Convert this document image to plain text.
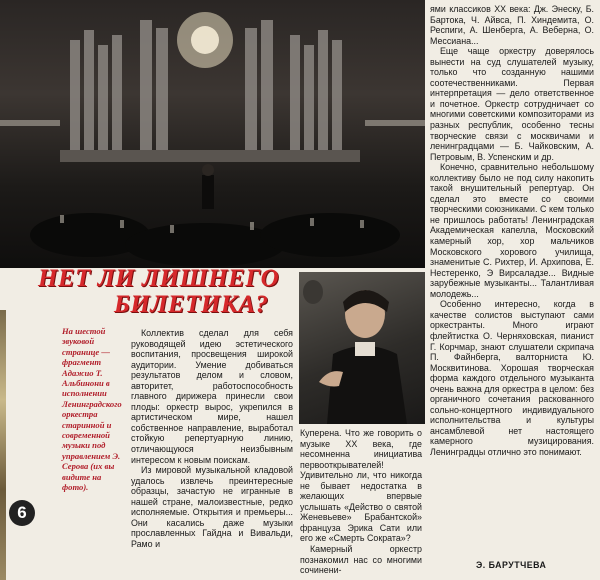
НЕТ ЛИ ЛИШНЕГО
БИЛЕТИКА?
На шестой звуковой странице — фрагмент Адажио Т. Альбинони в исполнении Ленинградского оркестра старинной и современной музыки под управлением Э. Серова (их вы видите на фото).
6

Коллектив сделал для себя руководящей идею эстетического воспитания, просвещения широкой аудитории. Умение добиваться результатов делом и словом, авторитет, работоспособность главного дирижера принесли свои плоды: оркестр вырос, укрепился в артистическом мире, нашел собственное направление, выработал стойкую репертуарную линию, отличающуюся неизбывным интересом к новым поискам.

Из мировой музыкальной кладовой удалось извлечь преинтересные образцы, зачастую не игранные в нашей стране, малоизвестные, редко исполняемые. Открытия и премьеры... Они касались даже музыки прославленных Гайдна и Вивальди, Рамо и

Куперена. Что же говорить о музыке XX века, где несомненна инициатива первооткрывателей! Удивительно ли, что никогда не бывает недостатка в желающих впервые услышать «Действо о святой Женевьеве» Брабантской» француза Эрика Сати или его же «Смерть Сократа»?

Камерный оркестр познакомил нас со многими сочинени-

ями классиков XX века: Дж. Энеску, Б. Бартока, Ч. Айвса, П. Хиндемита, О. Респиги, А. Шенберга, А. Веберна, О. Мессиана...

Еще чаще оркестру доверялось вынести на суд слушателей музыку, только что созданную нашими соотечественниками. Первая интерпретация — дело ответственное и почетное. Оркестр сотрудничает со многими советскими композиторами из разных республик, особенно тесны творческие связи с москвичами и ленинградцами — Б. Чайковским, А. Петровым, В. Успенским и др.

Конечно, сравнительно небольшому коллективу было не под силу накопить такой внушительный репертуар. Он сделал это вместе со своими творческими союзниками. С кем только не пришлось работать! Ленинградская Академическая капелла, Московский камерный хор, хор мальчиков Московского хорового училища, знаменитые С. Рихтер, И. Архипова, Е. Нестеренко, Э Вирсаладзе... Видные зарубежные музыканты... Талантливая молодежь...

Особенно интересно, когда в качестве солистов выступают сами оркестранты. Много играют флейтистка О. Черняховская, пианист Г. Корчмар, знают слушатели скрипача П. Файнберга, валторниста Ю. Москвитинова. Хорошая творческая форма каждого отдельного музыканта очень важна для оркестра в целом: без органичного сочетания раскованного сольно-концертного индивидуального исполнительства и культуры ансамблевой нет настоящего камерного музицирования. Ленинградцы отлично это понимают.

Э. БАРУТЧЕВА
